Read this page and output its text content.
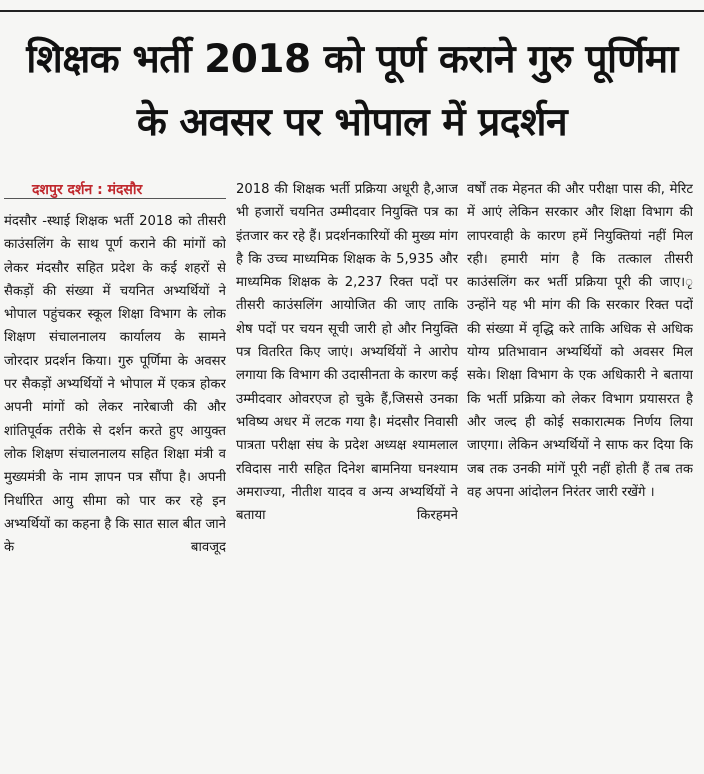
शिक्षक भर्ती 2018 को पूर्ण कराने गुरु पूर्णिमा के अवसर पर भोपाल में प्रदर्शन
दशपुर दर्शन : मंदसौर

मंदसौर -स्थाई शिक्षक भर्ती 2018 को तीसरी काउंसलिंग के साथ पूर्ण कराने की मांगों को लेकर मंदसौर सहित प्रदेश के कई शहरों से सैकड़ों की संख्या में चयनित अभ्यर्थियों ने भोपाल पहुंचकर स्कूल शिक्षा विभाग के लोक शिक्षण संचालनालय कार्यालय के सामने जोरदार प्रदर्शन किया। गुरु पूर्णिमा के अवसर पर सैकड़ों अभ्यर्थियों ने भोपाल में एकत्र होकर अपनी मांगों को लेकर नारेबाजी की और शांतिपूर्वक तरीके से दर्शन करते हुए आयुक्त लोक शिक्षण संचालनालय सहित शिक्षा मंत्री व मुख्यमंत्री के नाम ज्ञापन पत्र सौंपा है। अपनी निर्धारित आयु सीमा को पार कर रहे इन अभ्यर्थियों का कहना है कि सात साल बीत जाने के बावजूद

2018 की शिक्षक भर्ती प्रक्रिया अधूरी है,आज भी हजारों चयनित उम्मीदवार नियुक्ति पत्र का इंतजार कर रहे हैं। प्रदर्शनकारियों की मुख्य मांग है कि उच्च माध्यमिक शिक्षक के 5,935 और माध्यमिक शिक्षक के 2,237 रिक्त पदों पर तीसरी काउंसलिंग आयोजित की जाए ताकि शेष पदों पर चयन सूची जारी हो और नियुक्ति पत्र वितरित किए जाएं। अभ्यर्थियों ने आरोप लगाया कि विभाग की उदासीनता के कारण कई उम्मीदवार ओवरएज हो चुके हैं,जिससे उनका भविष्य अधर में लटक गया है। मंदसौर निवासी पात्रता परीक्षा संघ के प्रदेश अध्यक्ष श्यामलाल रविदास नारी सहित दिनेश बामनिया घनश्याम अमराज्या, नीतीश यादव व अन्य अभ्यर्थियों ने बताया किरहमने

वर्षों तक मेहनत की और परीक्षा पास की, मेरिट में आएं लेकिन सरकार और शिक्षा विभाग की लापरवाही के कारण हमें नियुक्तियां नहीं मिल रही। हमारी मांग है कि तत्काल तीसरी काउंसलिंग कर भर्ती प्रक्रिया पूरी की जाए।ृ उन्होंने यह भी मांग की कि सरकार रिक्त पदों की संख्या में वृद्धि करे ताकि अधिक से अधिक योग्य प्रतिभावान अभ्यर्थियों को अवसर मिल सके। शिक्षा विभाग के एक अधिकारी ने बताया कि भर्ती प्रक्रिया को लेकर विभाग प्रयासरत है और जल्द ही कोई सकारात्मक निर्णय लिया जाएगा। लेकिन अभ्यर्थियों ने साफ कर दिया कि जब तक उनकी मांगें पूरी नहीं होती हैं तब तक वह अपना आंदोलन निरंतर जारी रखेंगे ।
